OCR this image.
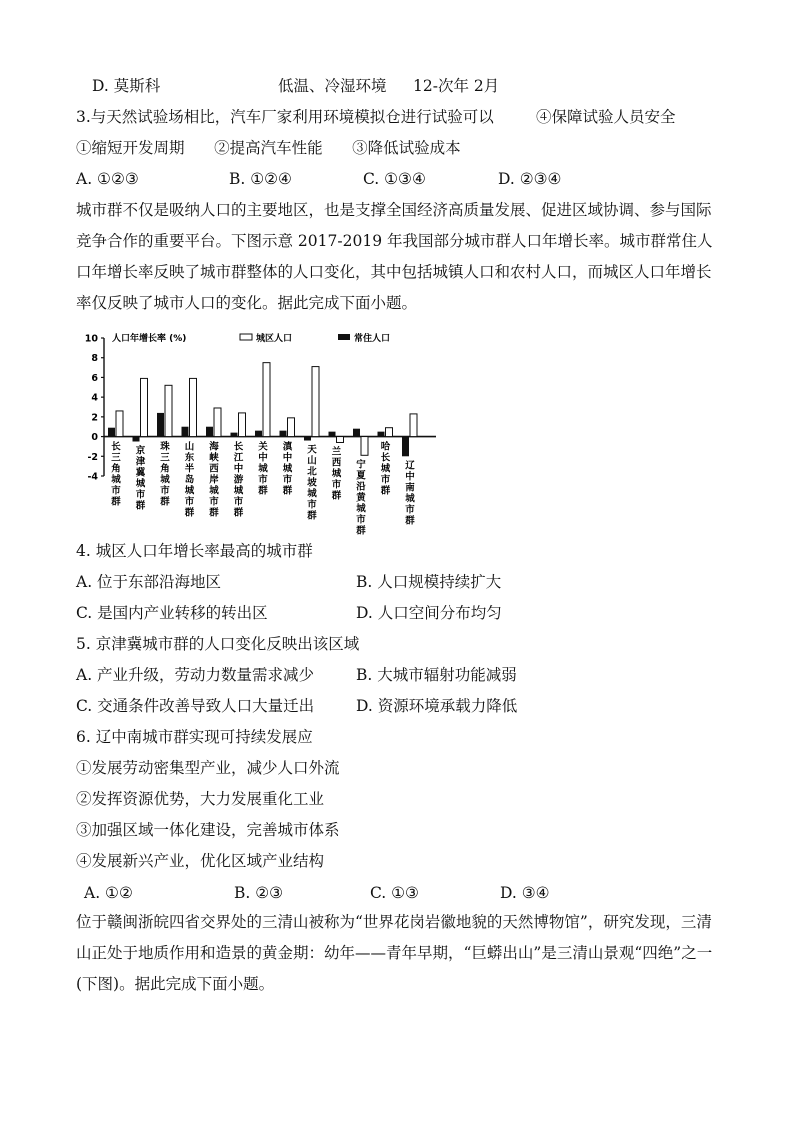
D. 莫斯科	低温、冷湿环境 12-次年 2月
3.与天然试验场相比，汽车厂家利用环境模拟仓进行试验可以	④保障试验人员安全
①缩短开发周期      ②提高汽车性能      ③降低试验成本
A. ①②③	B. ①②④	C. ①③④	D. ②③④
城市群不仅是吸纳人口的主要地区，也是支撑全国经济高质量发展、促进区域协调、参与国际竞争合作的重要平台。下图示意 2017-2019 年我国部分城市群人口年增长率。城市群常住人口年增长率反映了城市群整体的人口变化，其中包括城镇人口和农村人口，而城区人口年增长率仅反映了城市人口的变化。据此完成下面小题。
10
8
6
4
2
0
-2
-4
人口年增长率 (%)	城区人口	常住人口
长三角城市群
京津冀城市群
珠三角城市群
山东半岛城市群
海峡西岸城市群
长江中游城市群
关中城市群
滇中城市群
天山北坡城市群
兰西城市群
宁夏沿黄城市群
哈长城市群
辽中南城市群
4. 城区人口年增长率最高的城市群
A. 位于东部沿海地区	B. 人口规模持续扩大
C. 是国内产业转移的转出区	D. 人口空间分布均匀
5. 京津冀城市群的人口变化反映出该区域
A. 产业升级，劳动力数量需求减少	B. 大城市辐射功能减弱
C. 交通条件改善导致人口大量迁出	D. 资源环境承载力降低
6. 辽中南城市群实现可持续发展应
①发展劳动密集型产业，减少人口外流
②发挥资源优势，大力发展重化工业
③加强区域一体化建设，完善城市体系
④发展新兴产业，优化区域产业结构
A. ①②	B. ②③	C. ①③	D. ③④
位于赣闽浙皖四省交界处的三清山被称为“世界花岗岩徽地貌的天然博物馆”，研究发现，三清山正处于地质作用和造景的黄金期：幼年——青年早期，“巨蟒出山”是三清山景观“四绝”之一(下图)。据此完成下面小题。
